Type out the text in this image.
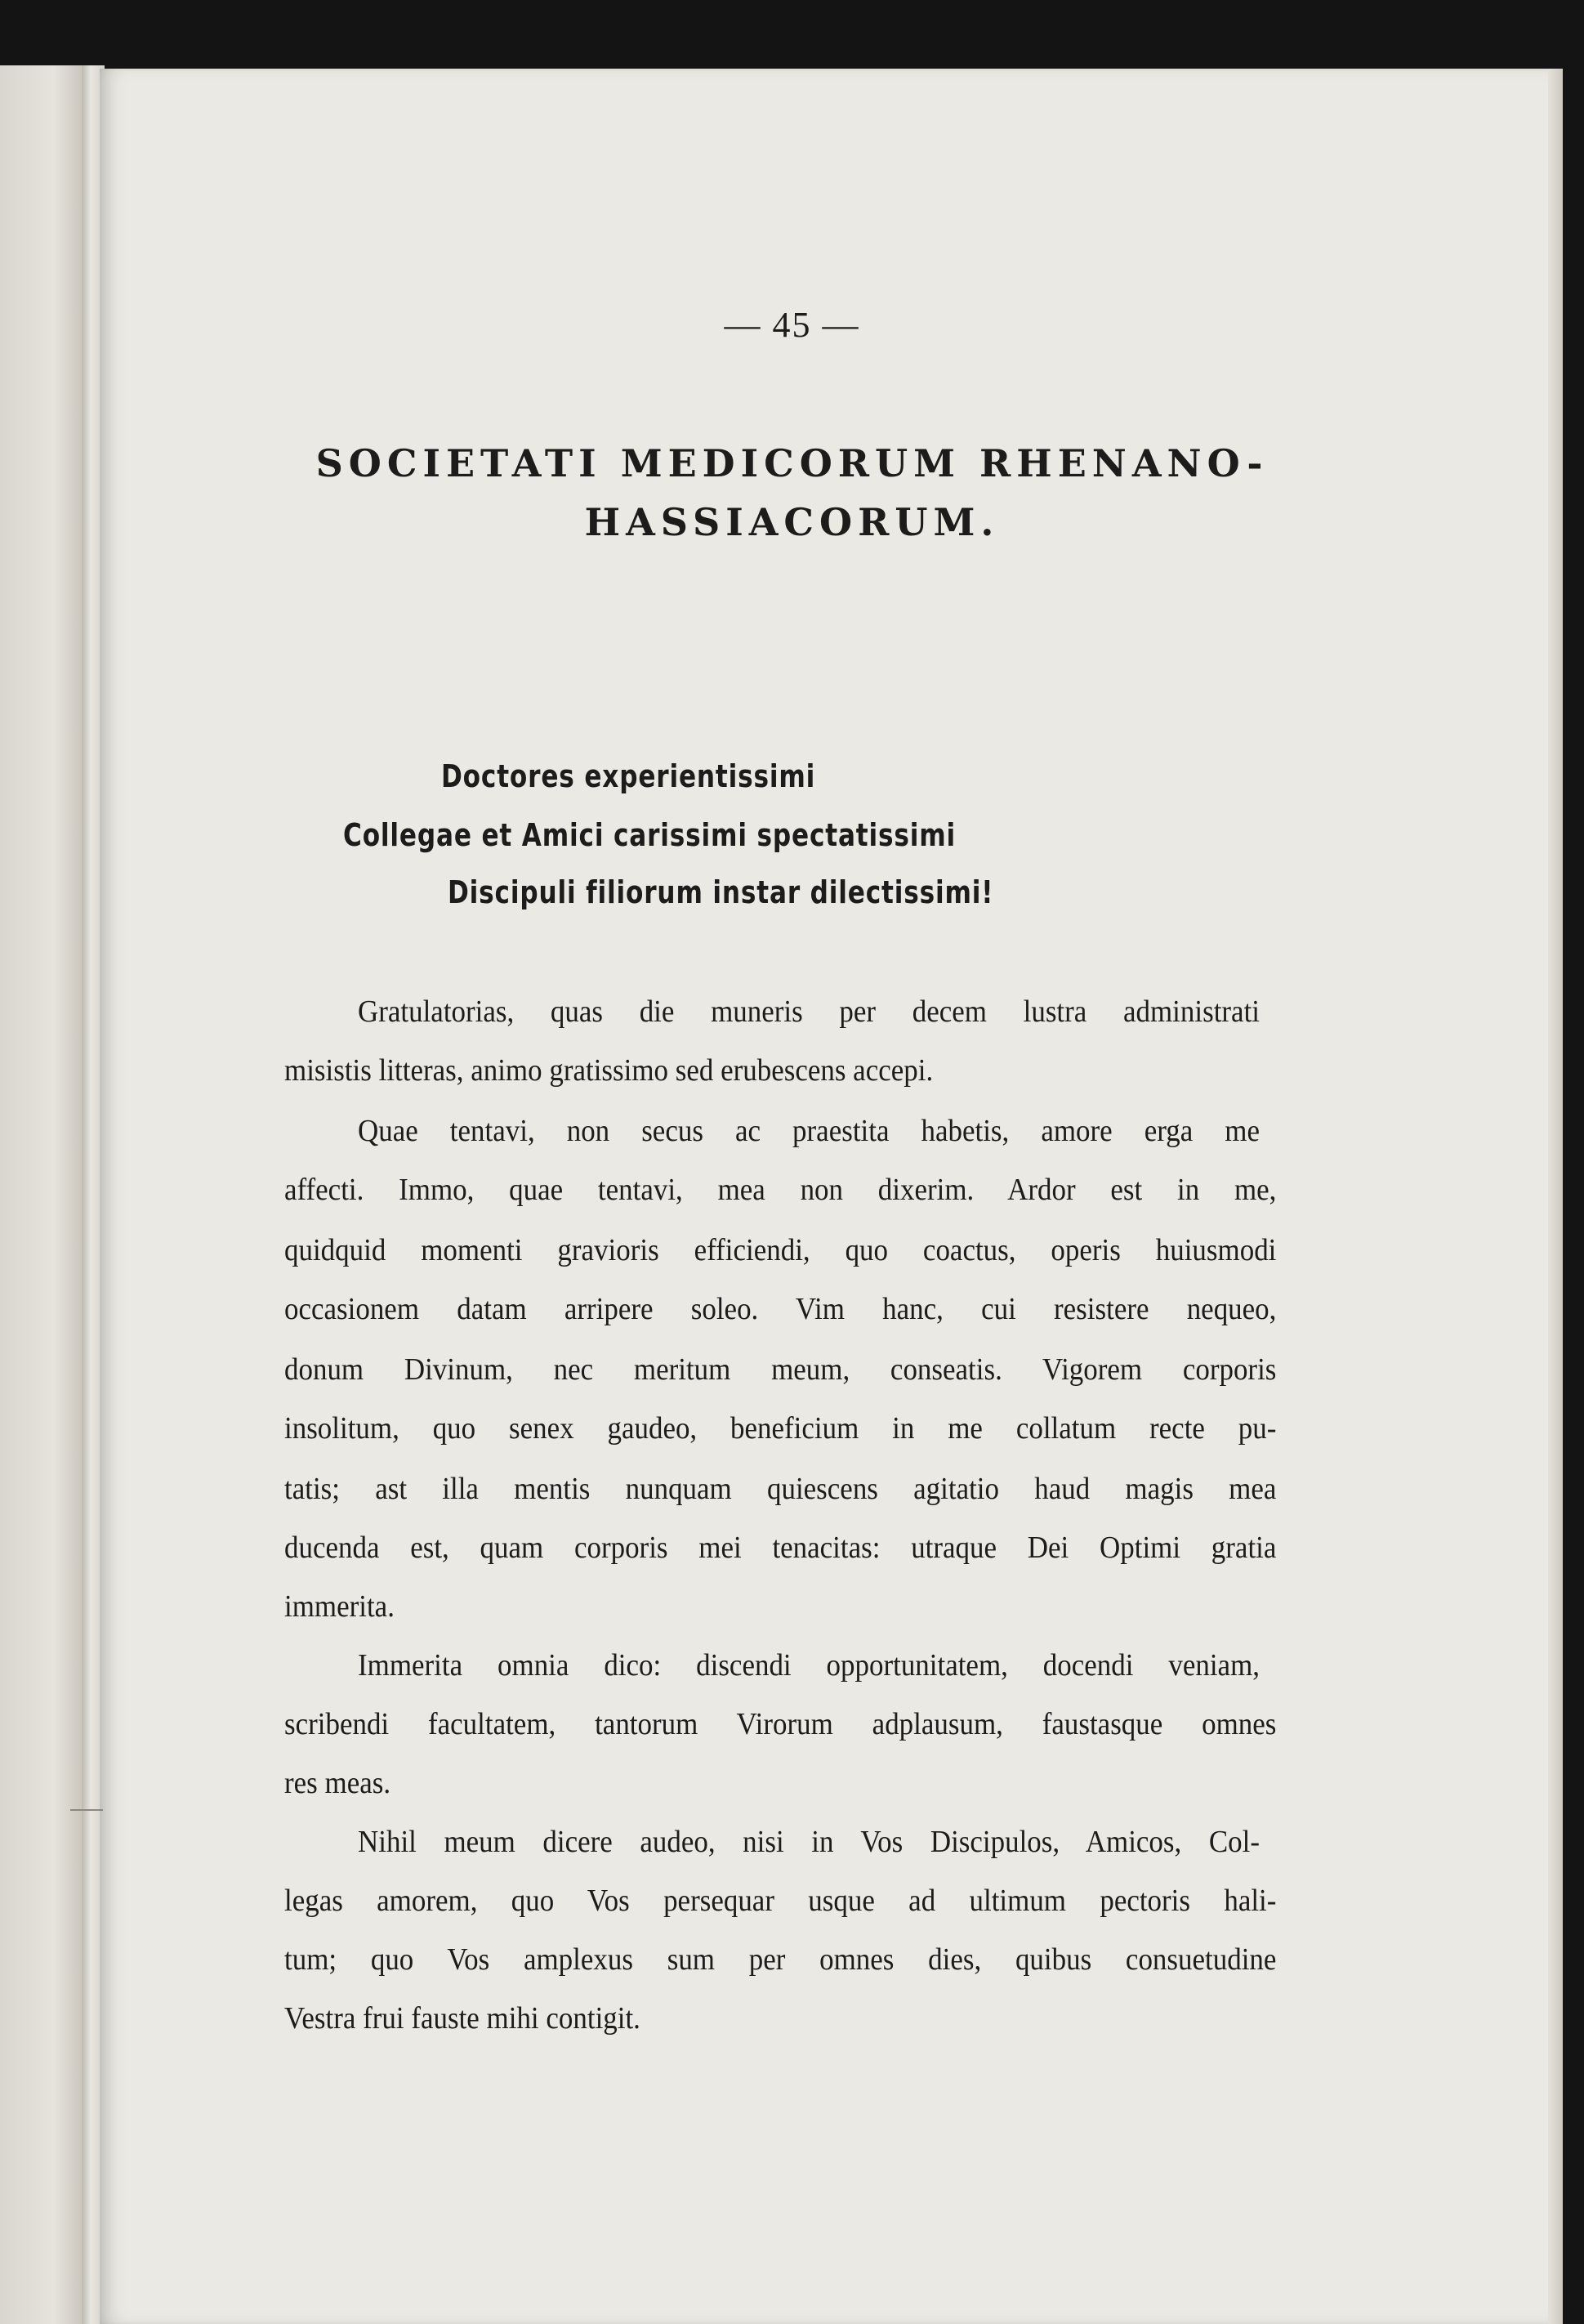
— 45 —
SOCIETATI MEDICORUM RHENANO-
HASSIACORUM.
Doctores experientissimi
Collegae et Amici carissimi spectatissimi
Discipuli filiorum instar dilectissimi!
Gratulatorias, quas die muneris per decem lustra administrati
misistis litteras, animo gratissimo sed erubescens accepi.
Quae tentavi, non secus ac praestita habetis, amore erga me
affecti. Immo, quae tentavi, mea non dixerim. Ardor est in me,
quidquid momenti gravioris efficiendi, quo coactus, operis huiusmodi
occasionem datam arripere soleo. Vim hanc, cui resistere nequeo,
donum Divinum, nec meritum meum, conseatis. Vigorem corporis
insolitum, quo senex gaudeo, beneficium in me collatum recte pu-
tatis; ast illa mentis nunquam quiescens agitatio haud magis mea
ducenda est, quam corporis mei tenacitas: utraque Dei Optimi gratia
immerita.
Immerita omnia dico: discendi opportunitatem, docendi veniam,
scribendi facultatem, tantorum Virorum adplausum, faustasque omnes
res meas.
Nihil meum dicere audeo, nisi in Vos Discipulos, Amicos, Col-
legas amorem, quo Vos persequar usque ad ultimum pectoris hali-
tum; quo Vos amplexus sum per omnes dies, quibus consuetudine
Vestra frui fauste mihi contigit.
